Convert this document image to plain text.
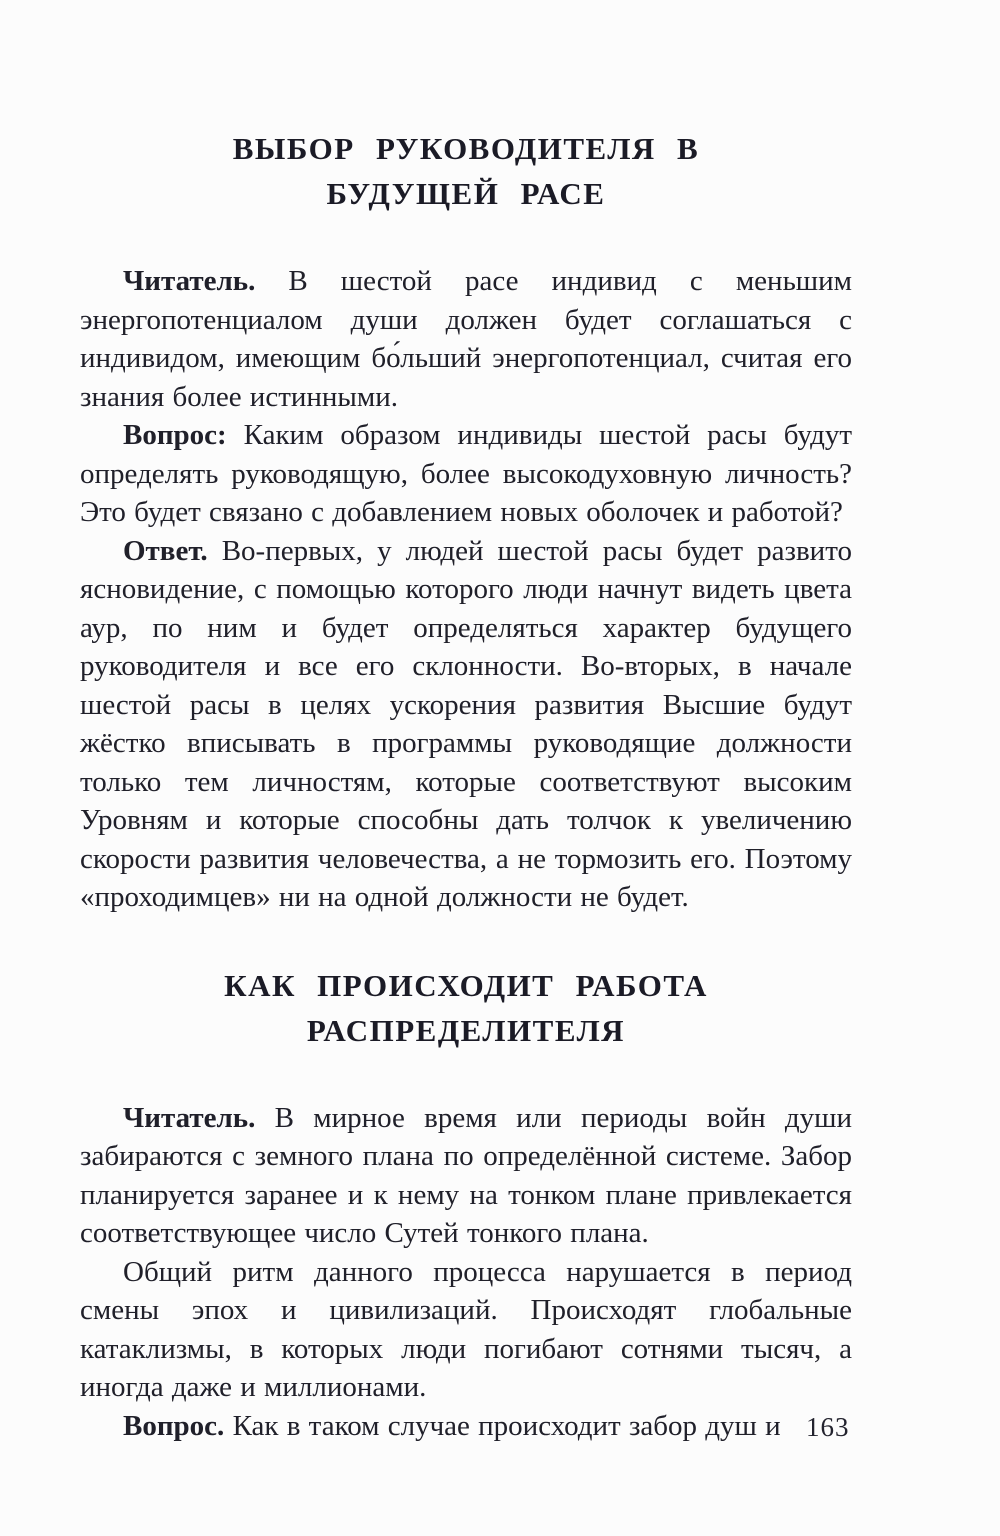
ВЫБОР РУКОВОДИТЕЛЯ В
БУДУЩЕЙ РАСЕ

Читатель. В шестой расе индивид с меньшим энергопотенциалом души должен будет соглашаться с индивидом, имеющим бо́льший энергопотенциал, считая его знания более истинными.

Вопрос: Каким образом индивиды шестой расы будут определять руководящую, более высокодуховную личность? Это будет связано с добавлением новых оболочек и работой?

Ответ. Во-первых, у людей шестой расы будет развито ясновидение, с помощью которого люди начнут видеть цвета аур, по ним и будет определяться характер будущего руководителя и все его склонности. Во-вторых, в начале шестой расы в целях ускорения развития Высшие будут жёстко вписывать в программы руководящие должности только тем личностям, которые соответствуют высоким Уровням и которые способны дать толчок к увеличению скорости развития человечества, а не тормозить его. Поэтому «проходимцев» ни на одной должности не будет.

КАК ПРОИСХОДИТ РАБОТА
РАСПРЕДЕЛИТЕЛЯ

Читатель. В мирное время или периоды войн души забираются с земного плана по определённой системе. Забор планируется заранее и к нему на тонком плане привлекается соответствующее число Сутей тонкого плана.

Общий ритм данного процесса нарушается в период смены эпох и цивилизаций. Происходят глобальные катаклизмы, в которых люди погибают сотнями тысяч, а иногда даже и миллионами.

Вопрос. Как в таком случае происходит забор душ и 163
